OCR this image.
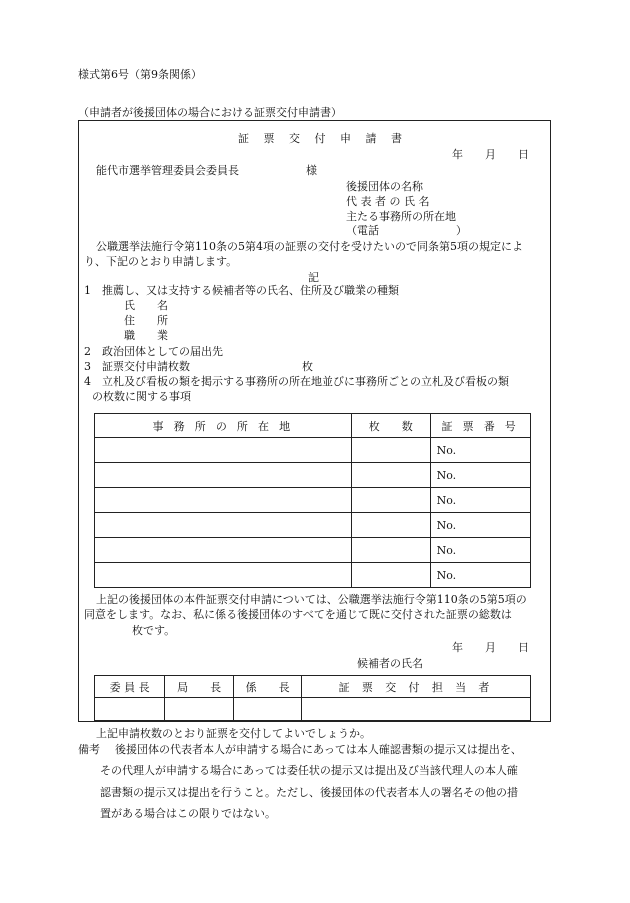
様式第6号（第9条関係）
（申請者が後援団体の場合における証票交付申請書）
証 票 交 付 申 請 書
年　　月　　日
能代市選挙管理委員会委員長	様
後援団体の名称
代 表 者 の 氏 名
主たる事務所の所在地
（電話　　　　　　　）
公職選挙法施行令第110条の5第4項の証票の交付を受けたいので同条第5項の規定によ
り、下記のとおり申請します。
記
1　推薦し、又は支持する候補者等の氏名、住所及び職業の種類
氏　　名
住　　所
職　　業
2　政治団体としての届出先
3　証票交付申請枚数	枚
4　立札及び看板の類を掲示する事務所の所在地並びに事務所ごとの立札及び看板の類
の枚数に関する事項
事 務 所 の 所 在 地	枚　　数	証 票 番 号
		No.
		No.
		No.
		No.
		No.
		No.
上記の後援団体の本件証票交付申請については、公職選挙法施行令第110条の5第5項の
同意をします。なお、私に係る後援団体のすべてを通じて既に交付された証票の総数は
枚です。
年　　月　　日
候補者の氏名
委 員 長	局　　長	係　　長	証 票 交 付 担 当 者

上記申請枚数のとおり証票を交付してよいでしょうか。
備考 後援団体の代表者本人が申請する場合にあっては本人確認書類の提示又は提出を、
その代理人が申請する場合にあっては委任状の提示又は提出及び当該代理人の本人確
認書類の提示又は提出を行うこと。ただし、後援団体の代表者本人の署名その他の措
置がある場合はこの限りではない。
